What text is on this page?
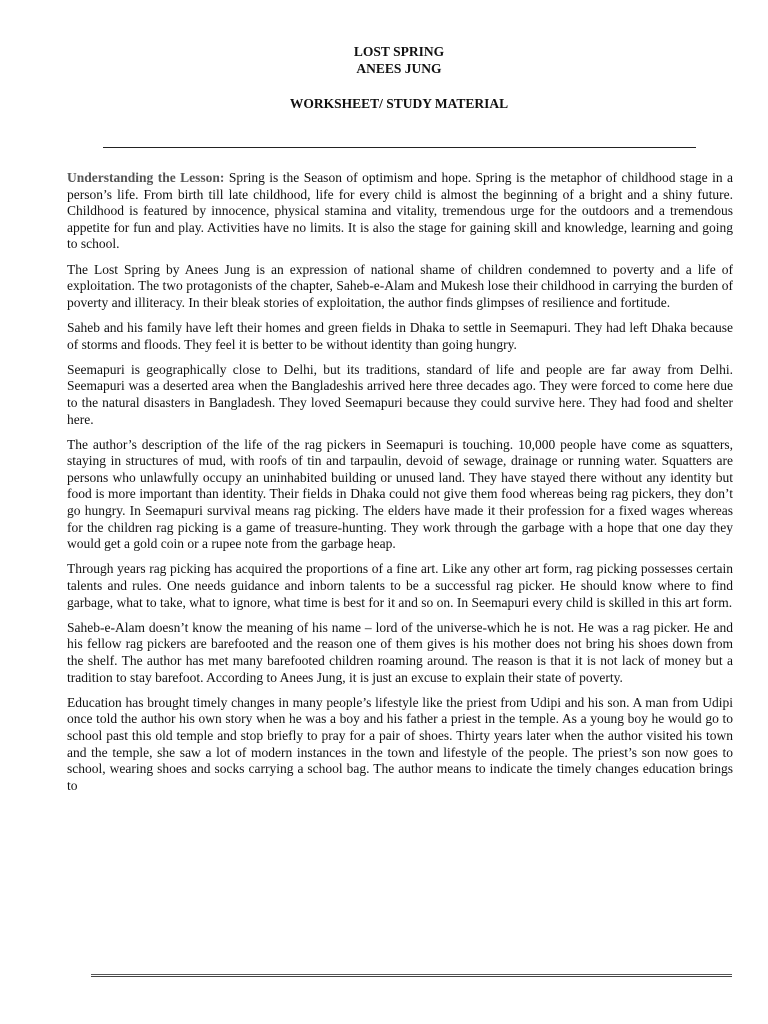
LOST SPRING
ANEES JUNG
WORKSHEET/ STUDY MATERIAL

Understanding the Lesson: Spring is the Season of optimism and hope. Spring is the metaphor of childhood stage in a person’s life. From birth till late childhood, life for every child is almost the beginning of a bright and a shiny future. Childhood is featured by innocence, physical stamina and vitality, tremendous urge for the outdoors and a tremendous appetite for fun and play. Activities have no limits. It is also the stage for gaining skill and knowledge, learning and going to school.

The Lost Spring by Anees Jung is an expression of national shame of children condemned to poverty and a life of exploitation. The two protagonists of the chapter, Saheb-e-Alam and Mukesh lose their childhood in carrying the burden of poverty and illiteracy. In their bleak stories of exploitation, the author finds glimpses of resilience and fortitude.

Saheb and his family have left their homes and green fields in Dhaka to settle in Seemapuri. They had left Dhaka because of storms and floods. They feel it is better to be without identity than going hungry.

Seemapuri is geographically close to Delhi, but its traditions, standard of life and people are far away from Delhi. Seemapuri was a deserted area when the Bangladeshis arrived here three decades ago. They were forced to come here due to the natural disasters in Bangladesh. They loved Seemapuri because they could survive here. They had food and shelter here.

The author’s description of the life of the rag pickers in Seemapuri is touching. 10,000 people have come as squatters, staying in structures of mud, with roofs of tin and tarpaulin, devoid of sewage, drainage or running water. Squatters are persons who unlawfully occupy an uninhabited building or unused land. They have stayed there without any identity but food is more important than identity. Their fields in Dhaka could not give them food whereas being rag pickers, they don’t go hungry. In Seemapuri survival means rag picking. The elders have made it their profession for a fixed wages whereas for the children rag picking is a game of treasure-hunting. They work through the garbage with a hope that one day they would get a gold coin or a rupee note from the garbage heap.

Through years rag picking has acquired the proportions of a fine art. Like any other art form, rag picking possesses certain talents and rules. One needs guidance and inborn talents to be a successful rag picker. He should know where to find garbage, what to take, what to ignore, what time is best for it and so on. In Seemapuri every child is skilled in this art form.

Saheb-e-Alam doesn’t know the meaning of his name – lord of the universe-which he is not. He was a rag picker. He and his fellow rag pickers are barefooted and the reason one of them gives is his mother does not bring his shoes down from the shelf. The author has met many barefooted children roaming around. The reason is that it is not lack of money but a tradition to stay barefoot. According to Anees Jung, it is just an excuse to explain their state of poverty.

Education has brought timely changes in many people’s lifestyle like the priest from Udipi and his son. A man from Udipi once told the author his own story when he was a boy and his father a priest in the temple. As a young boy he would go to school past this old temple and stop briefly to pray for a pair of shoes. Thirty years later when the author visited his town and the temple, she saw a lot of modern instances in the town and lifestyle of the people. The priest’s son now goes to school, wearing shoes and socks carrying a school bag. The author means to indicate the timely changes education brings to
